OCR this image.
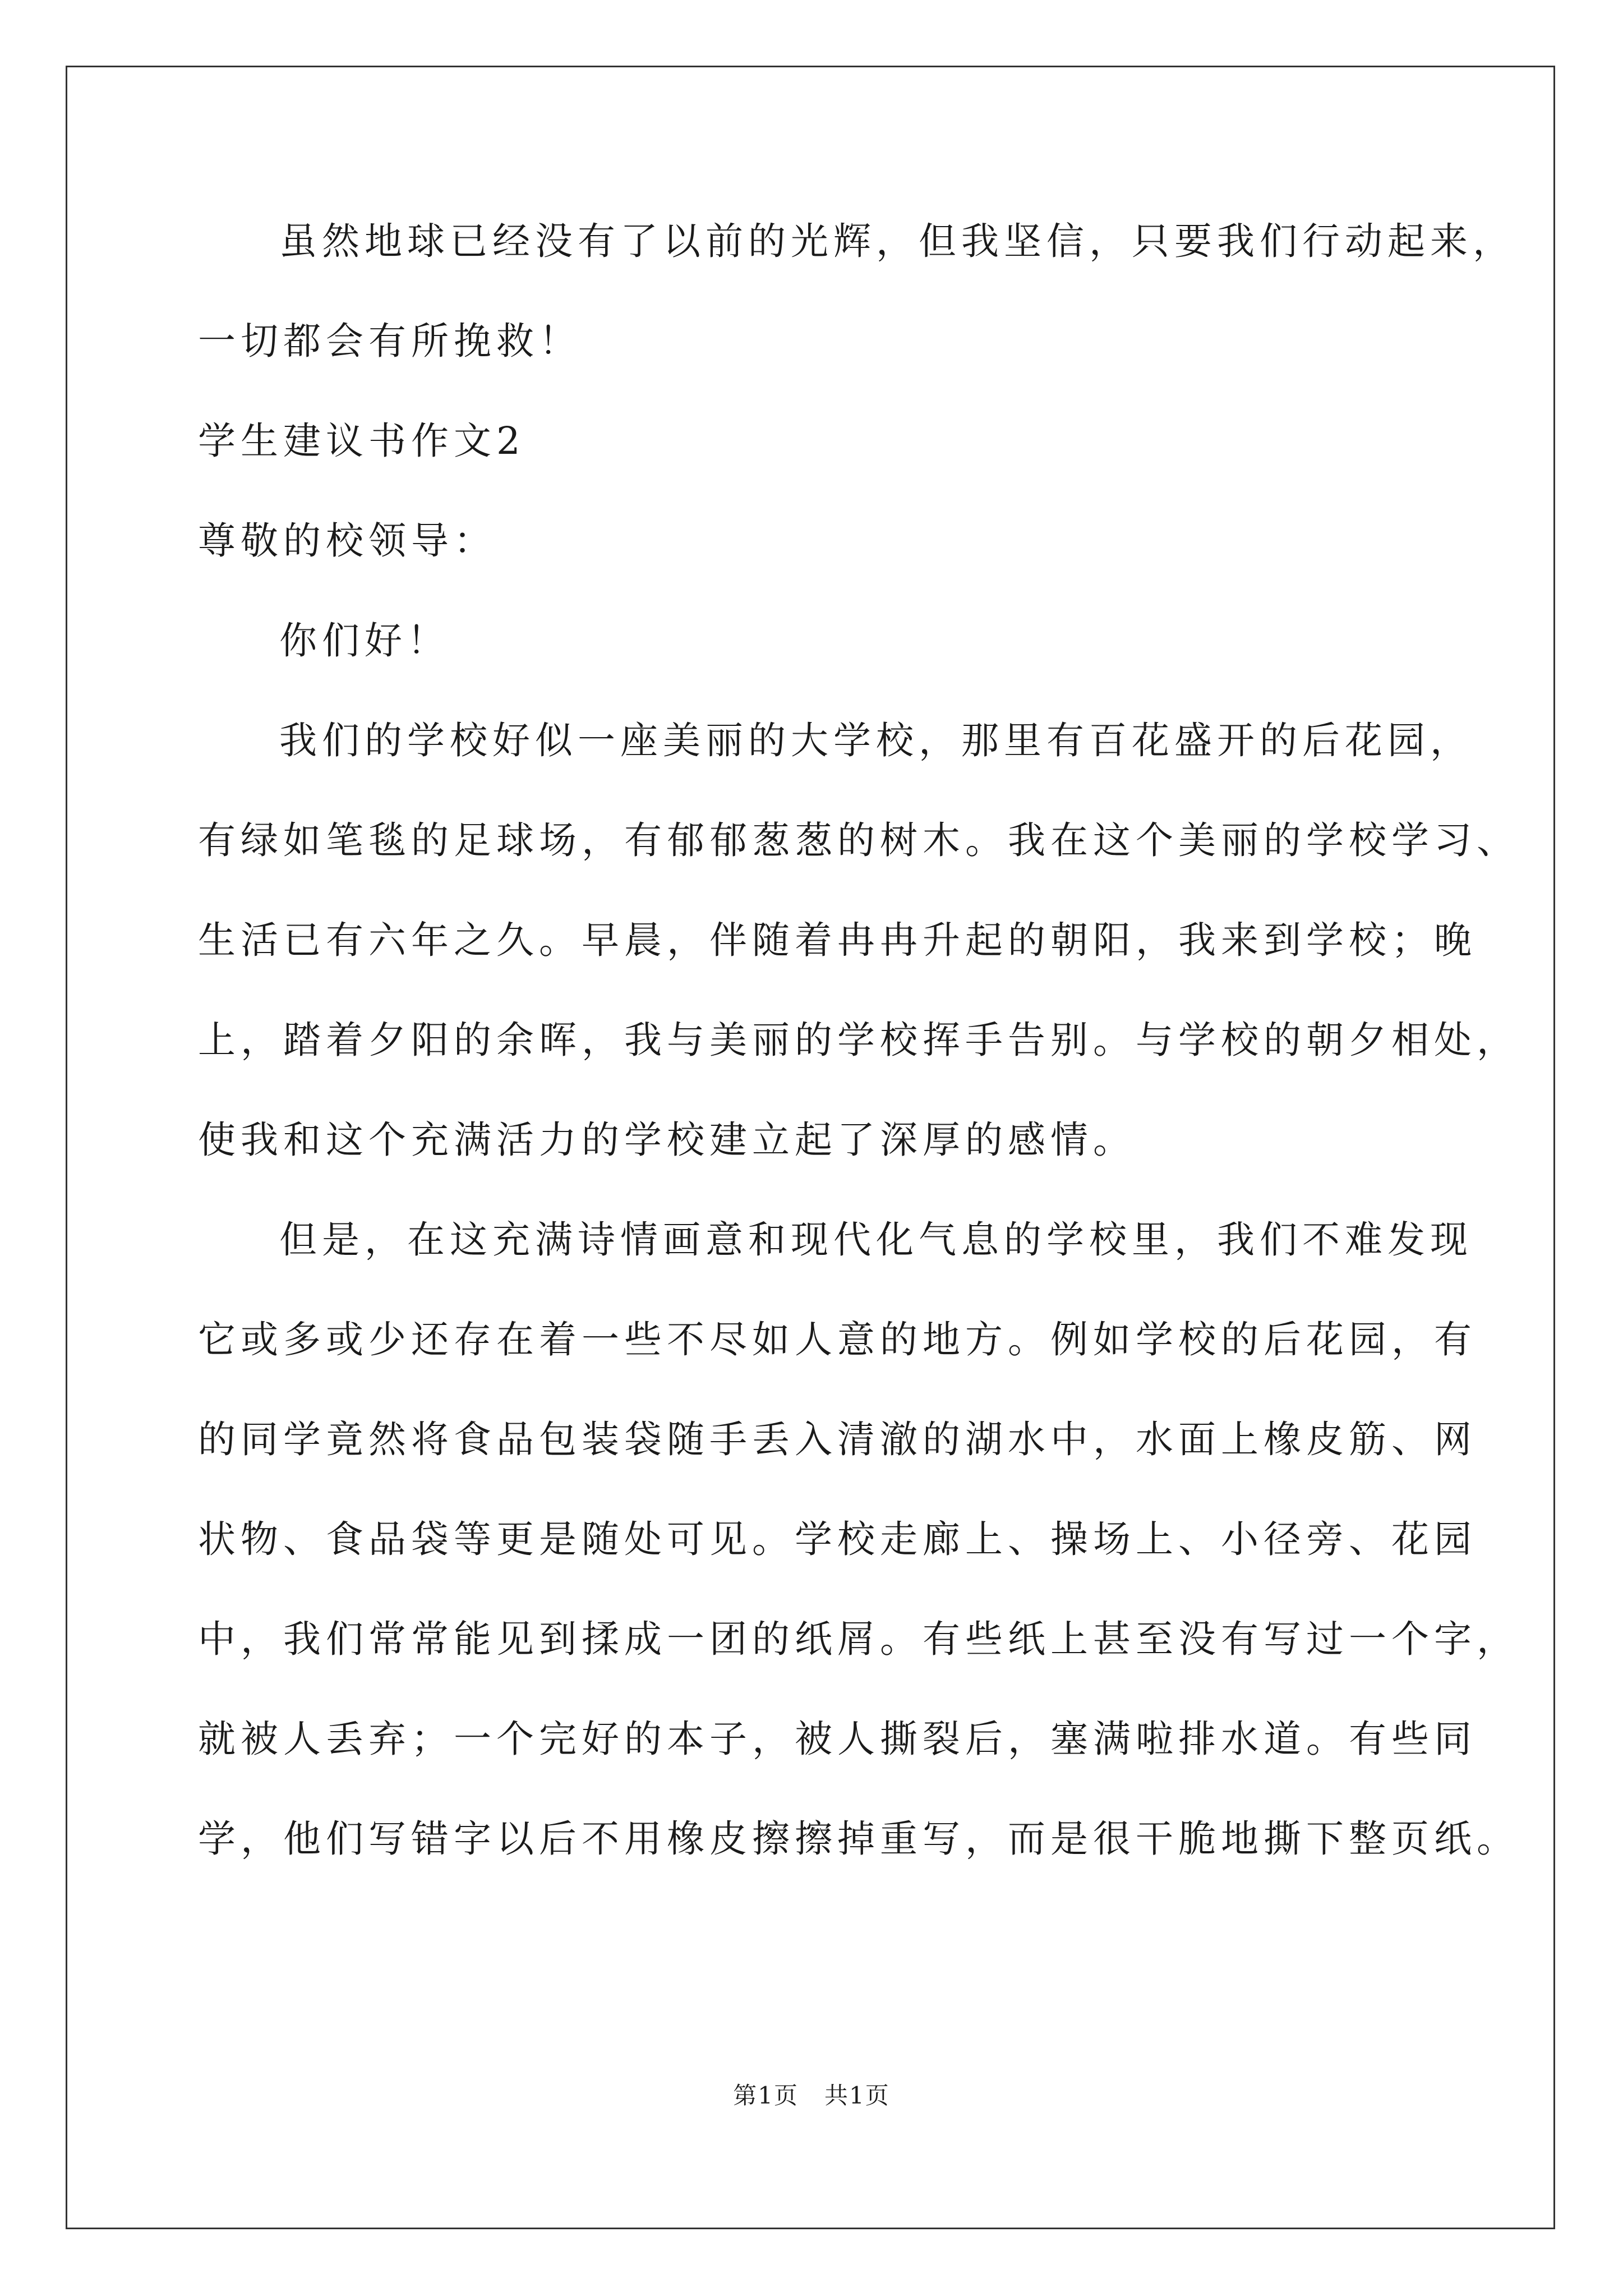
虽然地球已经没有了以前的光辉，但我坚信，只要我们行动起来，
一切都会有所挽救！
学生建议书作文2
尊敬的校领导：
你们好！
我们的学校好似一座美丽的大学校，那里有百花盛开的后花园，
有绿如笔毯的足球场，有郁郁葱葱的树木。我在这个美丽的学校学习、
生活已有六年之久。早晨，伴随着冉冉升起的朝阳，我来到学校；晚
上，踏着夕阳的余晖，我与美丽的学校挥手告别。与学校的朝夕相处，
使我和这个充满活力的学校建立起了深厚的感情。
但是，在这充满诗情画意和现代化气息的学校里，我们不难发现
它或多或少还存在着一些不尽如人意的地方。例如学校的后花园，有
的同学竟然将食品包装袋随手丢入清澈的湖水中，水面上橡皮筋、网
状物、食品袋等更是随处可见。学校走廊上、操场上、小径旁、花园
中，我们常常能见到揉成一团的纸屑。有些纸上甚至没有写过一个字，
就被人丢弃；一个完好的本子，被人撕裂后，塞满啦排水道。有些同
学，他们写错字以后不用橡皮擦擦掉重写，而是很干脆地撕下整页纸。
第1页 共1页
